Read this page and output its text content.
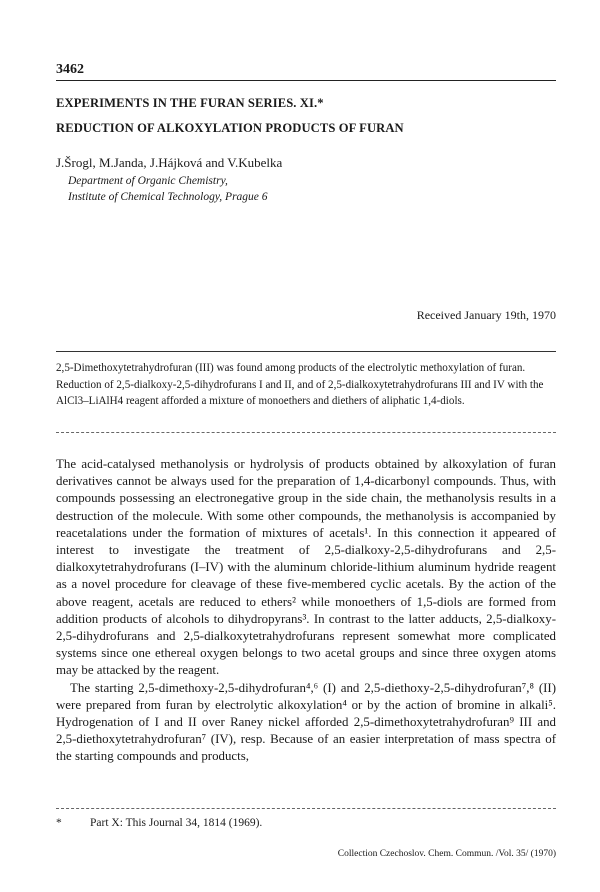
3462
EXPERIMENTS IN THE FURAN SERIES. XI.*
REDUCTION OF ALKOXYLATION PRODUCTS OF FURAN
J.Šrogl, M.Janda, J.Hájková and V.Kubelka
Department of Organic Chemistry,
Institute of Chemical Technology, Prague 6
Received January 19th, 1970
2,5-Dimethoxytetrahydrofuran (III) was found among products of the electrolytic methoxylation of furan. Reduction of 2,5-dialkoxy-2,5-dihydrofurans I and II, and of 2,5-dialkoxytetrahydrofurans III and IV with the AlCl3–LiAlH4 reagent afforded a mixture of monoethers and diethers of aliphatic 1,4-diols.

The acid-catalysed methanolysis or hydrolysis of products obtained by alkoxylation of furan derivatives cannot be always used for the preparation of 1,4-dicarbonyl compounds. Thus, with compounds possessing an electronegative group in the side chain, the methanolysis results in a destruction of the molecule. With some other compounds, the methanolysis is accompanied by reacetalations under the formation of mixtures of acetals¹. In this connection it appeared of interest to investigate the treatment of 2,5-dialkoxy-2,5-dihydrofurans and 2,5-dialkoxytetrahydrofurans (I–IV) with the aluminum chloride-lithium aluminum hydride reagent as a novel procedure for cleavage of these five-membered cyclic acetals. By the action of the above reagent, acetals are reduced to ethers² while monoethers of 1,5-diols are formed from addition products of alcohols to dihydropyrans³. In contrast to the latter adducts, 2,5-dialkoxy-2,5-dihydrofurans and 2,5-dialkoxytetrahydrofurans represent somewhat more complicated systems since one ethereal oxygen belongs to two acetal groups and since three oxygen atoms may be attacked by the reagent.

The starting 2,5-dimethoxy-2,5-dihydrofuran⁴,⁶ (I) and 2,5-diethoxy-2,5-dihydrofuran⁷,⁸ (II) were prepared from furan by electrolytic alkoxylation⁴ or by the action of bromine in alkali⁵. Hydrogenation of I and II over Raney nickel afforded 2,5-dimethoxytetrahydrofuran⁹ III and 2,5-diethoxytetrahydrofuran⁷ (IV), resp. Because of an easier interpretation of mass spectra of the starting compounds and products,

* Part X: This Journal 34, 1814 (1969).
Collection Czechoslov. Chem. Commun. /Vol. 35/ (1970)
